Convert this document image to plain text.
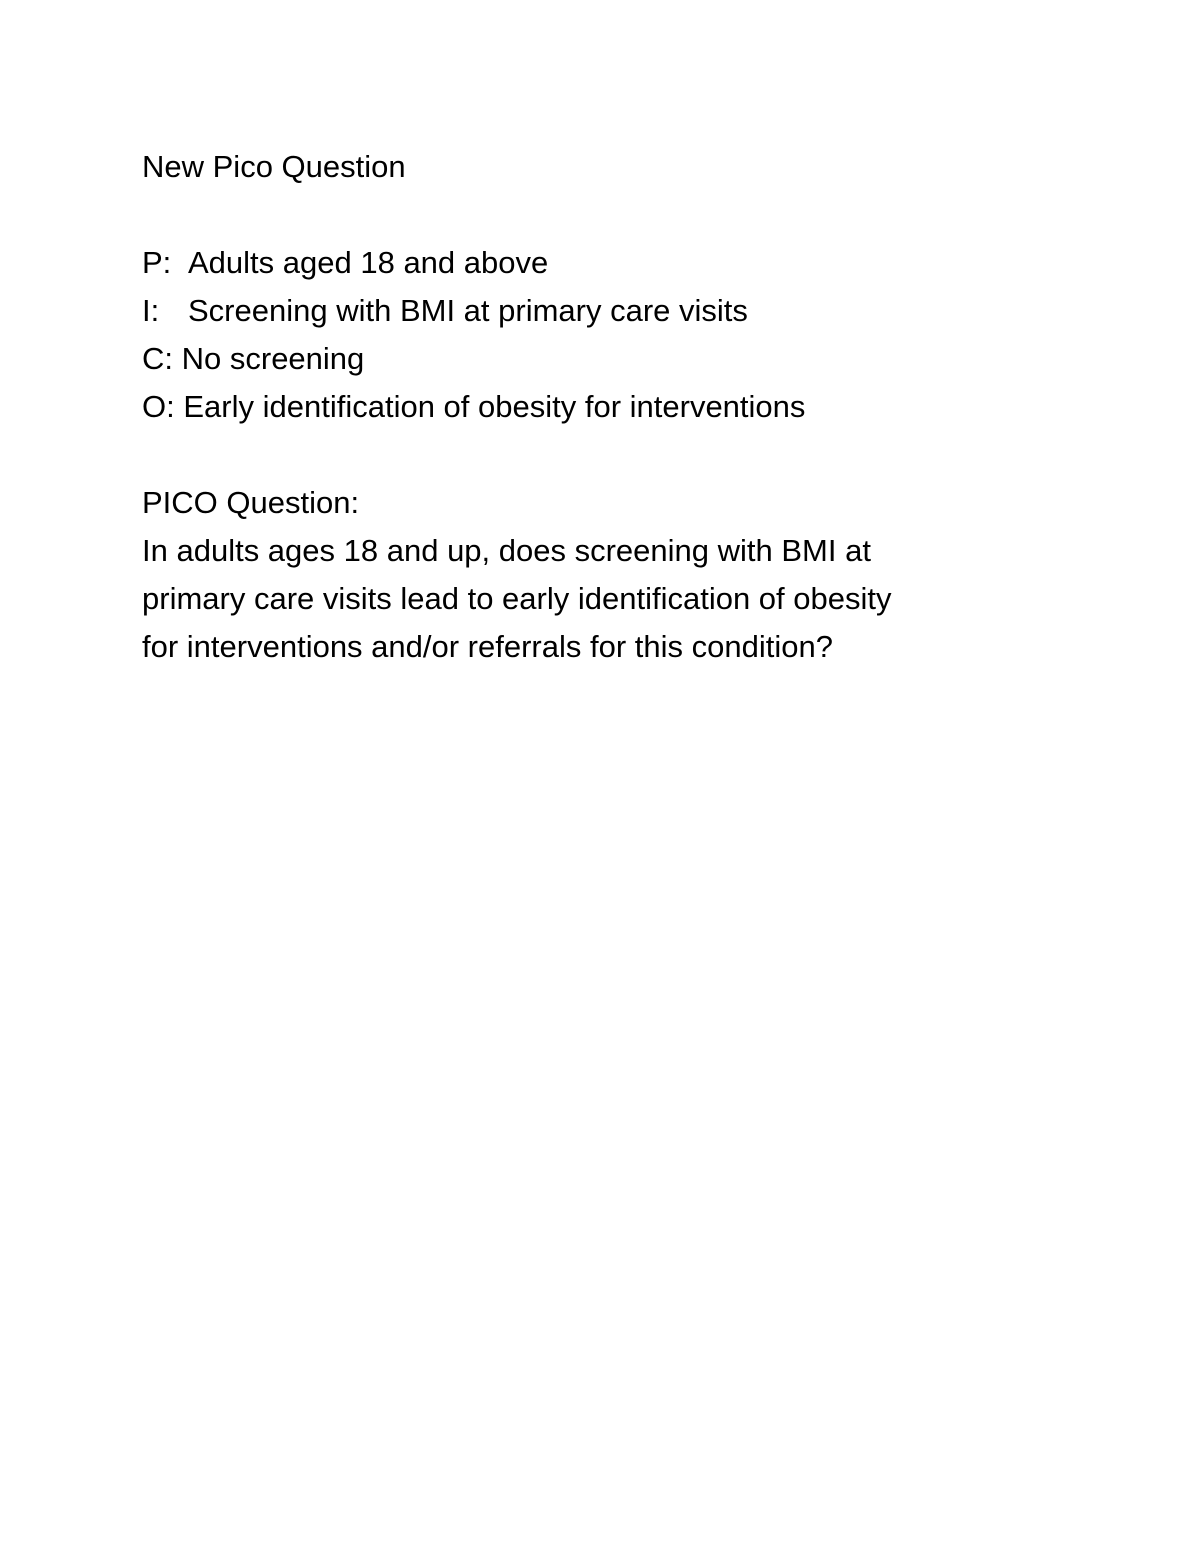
New Pico Question
P: Adults aged 18 and above
I: Screening with BMI at primary care visits
C: No screening
O: Early identification of obesity for interventions
PICO Question:
In adults ages 18 and up, does screening with BMI at
primary care visits lead to early identification of obesity
for interventions and/or referrals for this condition?
